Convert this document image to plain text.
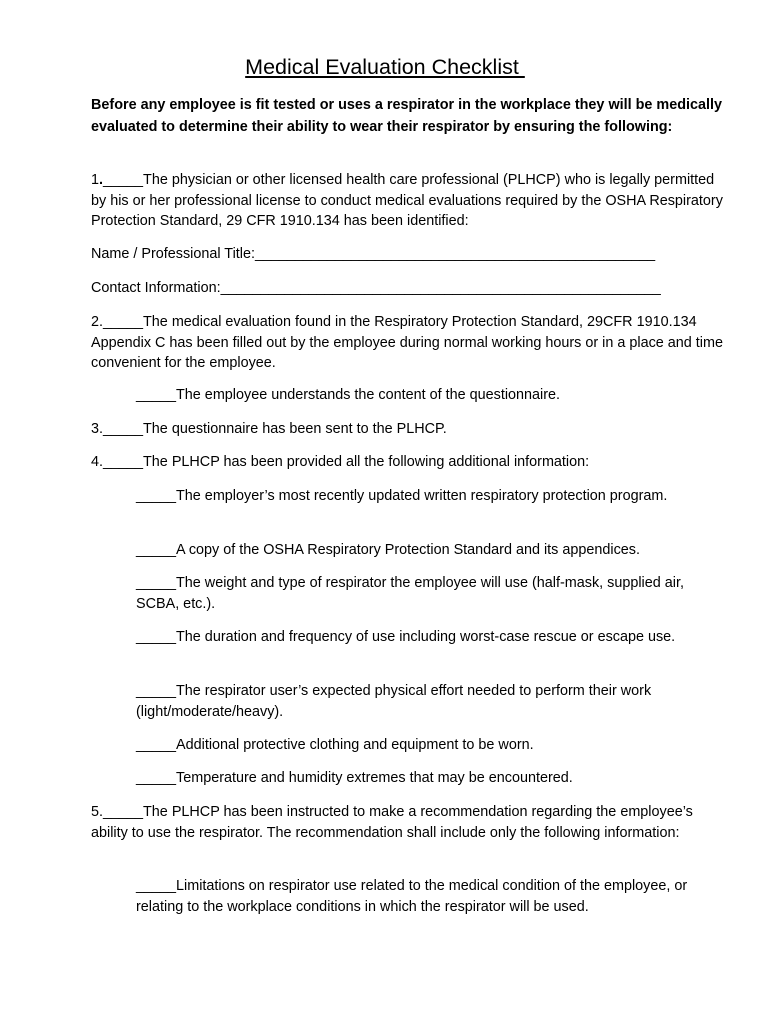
Medical Evaluation Checklist
Before any employee is fit tested or uses a respirator in the workplace they will be medically evaluated to determine their ability to wear their respirator by ensuring the following:
1._____The physician or other licensed health care professional (PLHCP) who is legally permitted by his or her professional license to conduct medical evaluations required by the OSHA Respiratory Protection Standard, 29 CFR 1910.134 has been identified:
Name / Professional Title:__________________________________________________
Contact Information:_______________________________________________________
2._____The medical evaluation found in the Respiratory Protection Standard, 29CFR 1910.134 Appendix C has been filled out by the employee during normal working hours or in a place and time convenient for the employee.
_____The employee understands the content of the questionnaire.
3._____The questionnaire has been sent to the PLHCP.
4._____The PLHCP has been provided all the following additional information:
_____The employer’s most recently updated written respiratory protection program.
_____A copy of the OSHA Respiratory Protection Standard and its appendices.
_____The weight and type of respirator the employee will use (half-mask, supplied air, SCBA, etc.).
_____The duration and frequency of use including worst-case rescue or escape use.
_____The respirator user’s expected physical effort needed to perform their work (light/moderate/heavy).
_____Additional protective clothing and equipment to be worn.
_____Temperature and humidity extremes that may be encountered.
5._____The PLHCP has been instructed to make a recommendation regarding the employee’s ability to use the respirator. The recommendation shall include only the following information:
_____Limitations on respirator use related to the medical condition of the employee, or relating to the workplace conditions in which the respirator will be used.
